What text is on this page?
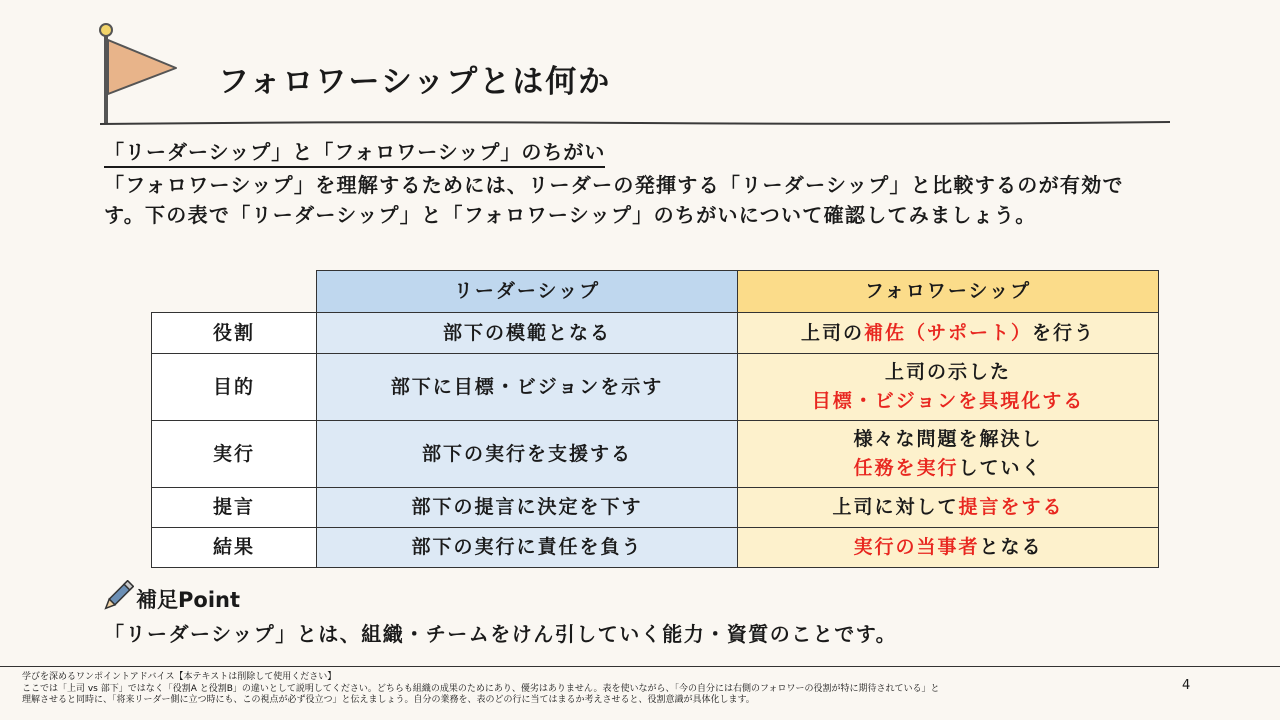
フォロワーシップとは何か
「リーダーシップ」と「フォロワーシップ」のちがい
「フォロワーシップ」を理解するためには、リーダーの発揮する「リーダーシップ」と比較するのが有効です。下の表で「リーダーシップ」と「フォロワーシップ」のちがいについて確認してみましょう。
	リーダーシップ	フォロワーシップ
役割	部下の模範となる	上司の補佐（サポート）を行う
目的	部下に目標・ビジョンを示す	上司の示した
目標・ビジョンを具現化する
実行	部下の実行を支援する	様々な問題を解決し
任務を実行していく
提言	部下の提言に決定を下す	上司に対して提言をする
結果	部下の実行に責任を負う	実行の当事者となる
補足Point
「リーダーシップ」とは、組織・チームをけん引していく能力・資質のことです。
学びを深めるワンポイントアドバイス【本テキストは削除して使用ください】
ここでは「上司 vs 部下」ではなく「役割A と役割B」の違いとして説明してください。どちらも組織の成果のためにあり、優劣はありません。表を使いながら、「今の自分には右側のフォロワーの役割が特に期待されている」と
理解させると同時に、「将来リーダー側に立つ時にも、この視点が必ず役立つ」と伝えましょう。自分の業務を、表のどの行に当てはまるか考えさせると、役割意識が具体化します。
4
